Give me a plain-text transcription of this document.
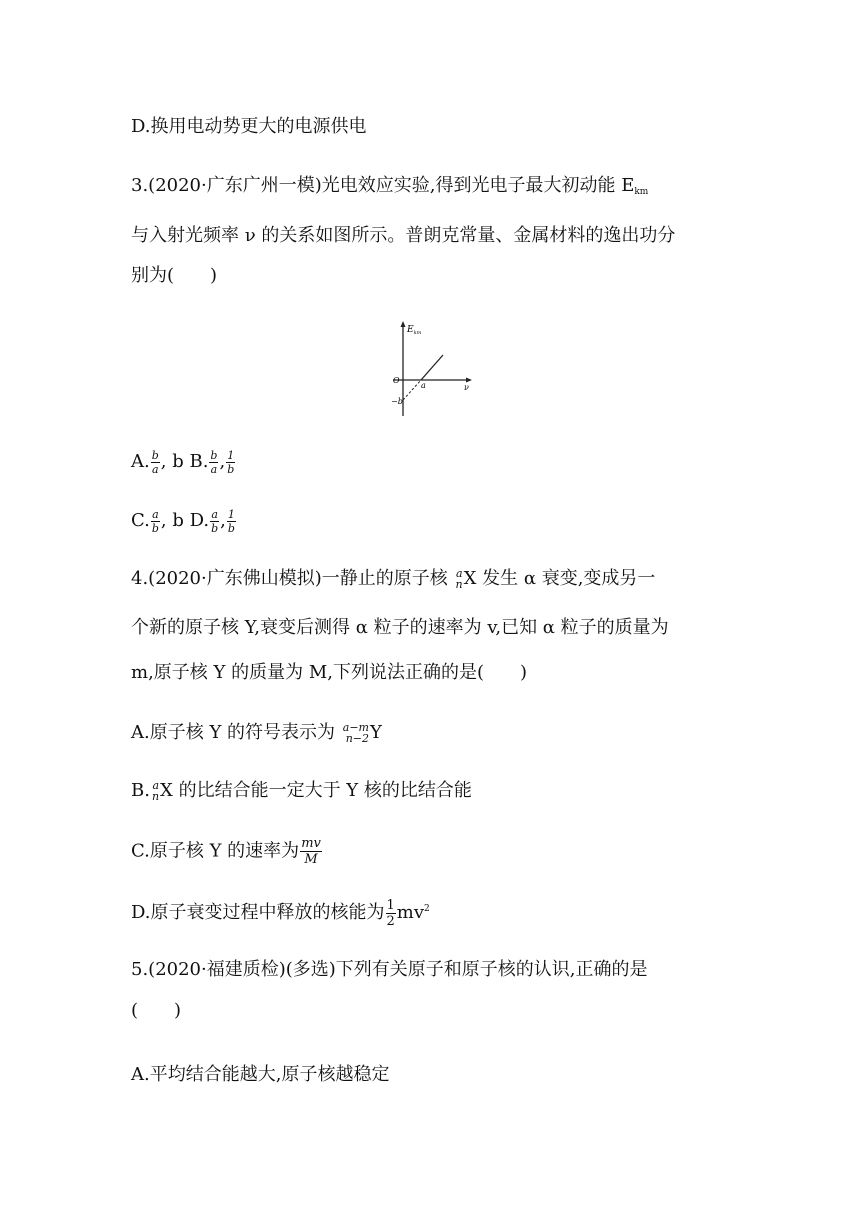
D.换用电动势更大的电源供电
3.(2020·广东广州一模)光电效应实验,得到光电子最大初动能 $E_{km}$
与入射光频率 ν 的关系如图所示。普朗克常量、金属材料的逸出功分
别为(　　)
$E_{km}$
O
a
−b
ν
A. $\frac{b}{a}$ , b B. $\frac{b}{a}$ , $\frac{1}{b}$
C. $\frac{a}{b}$ , b D. $\frac{a}{b}$ , $\frac{1}{b}$
4.(2020·广东佛山模拟)一静止的原子核 a
n X 发生 α 衰变,变成另一
个新的原子核 Y,衰变后测得 α 粒子的速率为 v,已知 α 粒子的质量为
m,原子核 Y 的质量为 M,下列说法正确的是(　　)
A.原子核 Y 的符号表示为 a−m
n−2 Y
B. a
n X 的比结合能一定大于 Y 核的比结合能
C.原子核 Y 的速率为 $\frac{mv}{M}$
D.原子衰变过程中释放的核能为 $\frac{1}{2} mv^2$
5.(2020·福建质检)(多选)下列有关原子和原子核的认识,正确的是
(　　)
A.平均结合能越大,原子核越稳定
